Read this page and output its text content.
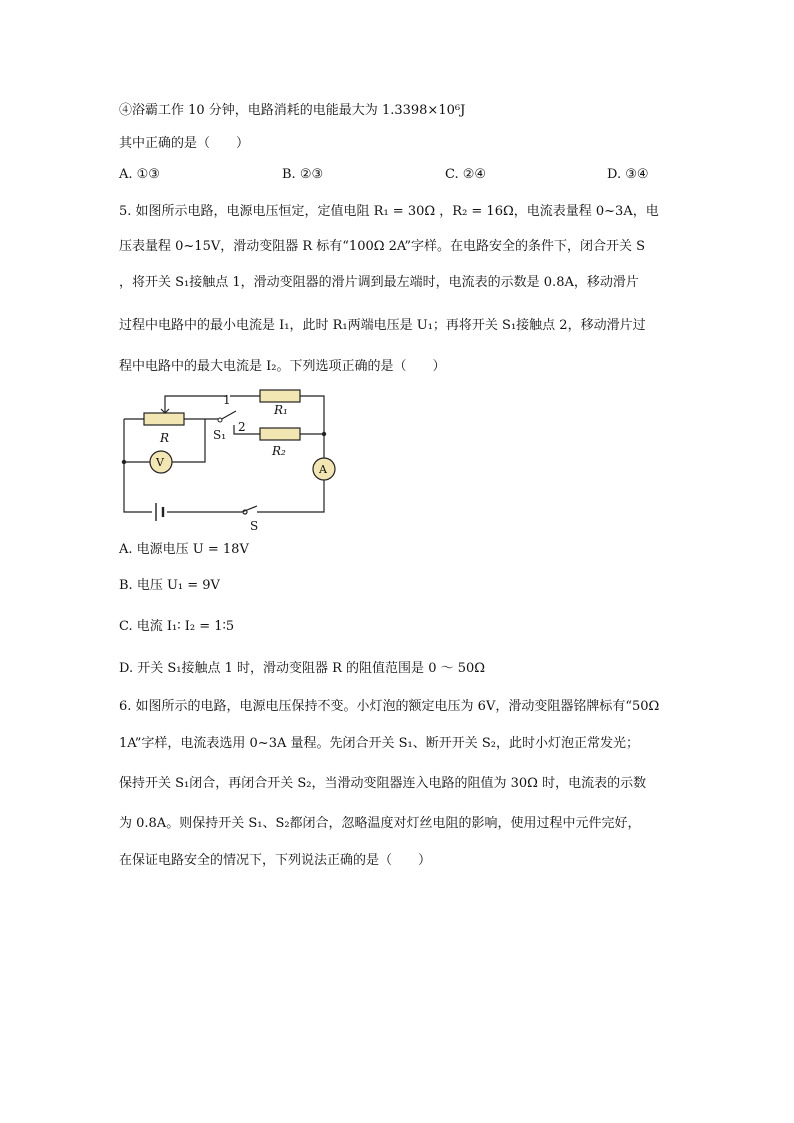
④浴霸工作 10 分钟，电路消耗的电能最大为 1.3398×10⁶J
其中正确的是（　　）
A. ①③	B. ②③	C. ②④	D. ③④
5. 如图所示电路，电源电压恒定，定值电阻 R₁ = 30Ω ，R₂ = 16Ω，电流表量程 0~3A，电
压表量程 0~15V，滑动变阻器 R 标有“100Ω 2A”字样。在电路安全的条件下，闭合开关 S
，将开关 S₁接触点 1，滑动变阻器的滑片调到最左端时，电流表的示数是 0.8A，移动滑片
过程中电路中的最小电流是 I₁，此时 R₁两端电压是 U₁；再将开关 S₁接触点 2，移动滑片过
程中电路中的最大电流是 I₂。下列选项正确的是（　　）
R
R₁
R₂
S₁
S
1
2
V
A
A. 电源电压 U = 18V
B. 电压 U₁ = 9V
C. 电流 I₁∶ I₂ = 1∶5
D. 开关 S₁接触点 1 时，滑动变阻器 R 的阻值范围是 0 ～ 50Ω
6. 如图所示的电路，电源电压保持不变。小灯泡的额定电压为 6V，滑动变阻器铭牌标有“50Ω
1A”字样，电流表选用 0~3A 量程。先闭合开关 S₁、断开开关 S₂，此时小灯泡正常发光；
保持开关 S₁闭合，再闭合开关 S₂，当滑动变阻器连入电路的阻值为 30Ω 时，电流表的示数
为 0.8A。则保持开关 S₁、S₂都闭合，忽略温度对灯丝电阻的影响，使用过程中元件完好，
在保证电路安全的情况下，下列说法正确的是（　　）
